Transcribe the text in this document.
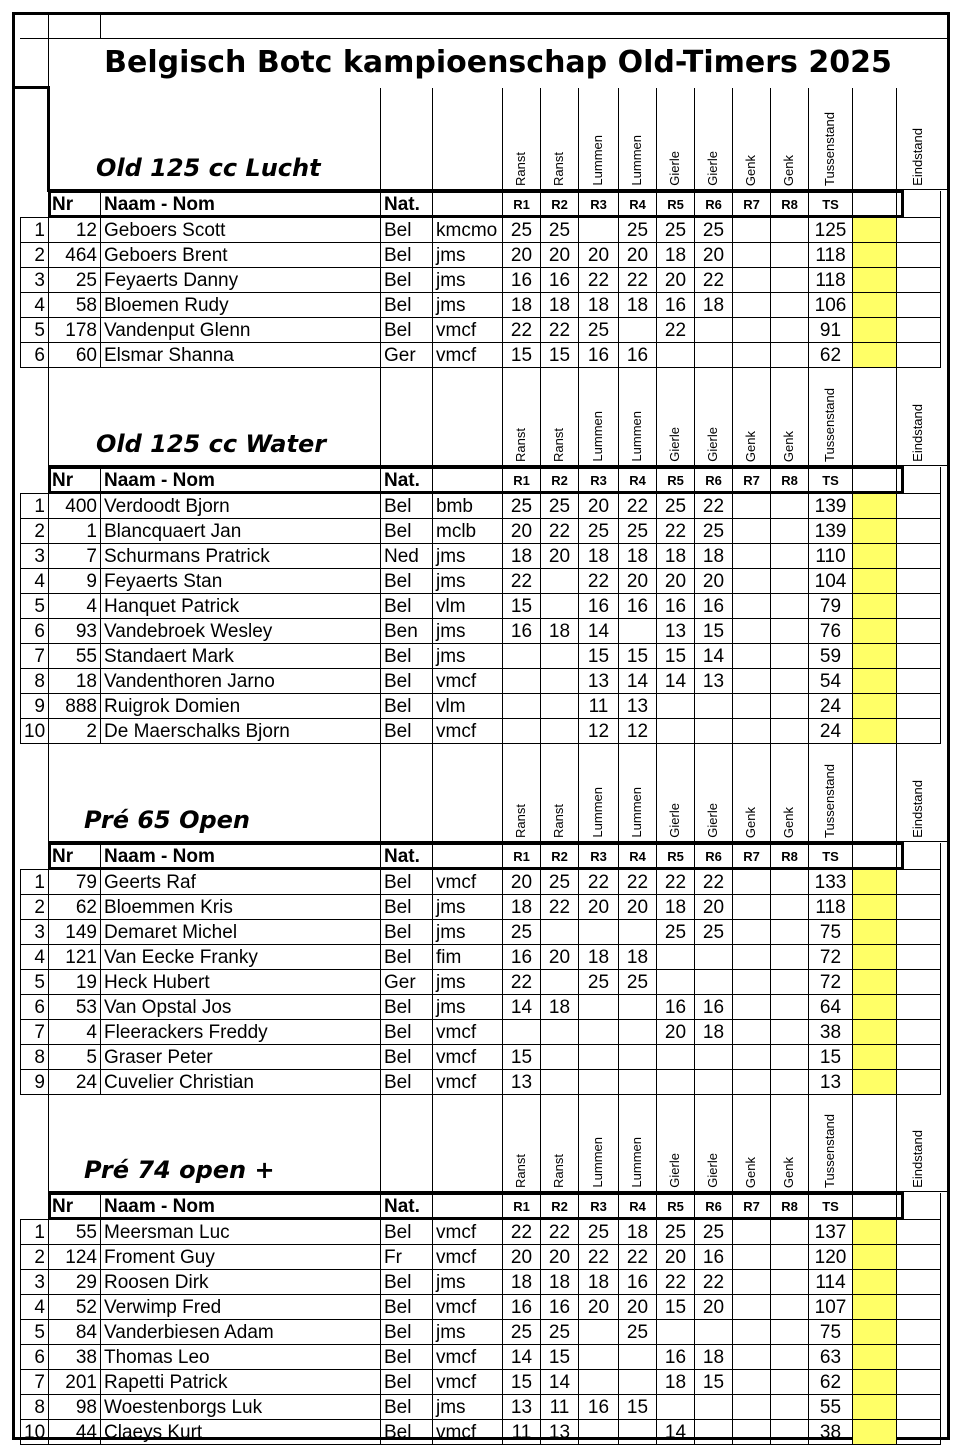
Belgisch Botc kampioenschap Old-Timers 2025
Old 125 cc Lucht	Ranst Ranst Lummen Lummen Gierle Gierle Genk Genk Tussenstand	Eindstand
	Nr	Naam - Nom	Nat.		R1	R2	R3	R4	R5	R6	R7	R8	TS		
1	12	Geboers Scott	Bel	kmcmo	25	25		25	25	25			125		
2	464	Geboers Brent	Bel	jms	20	20	20	20	18	20			118		
3	25	Feyaerts Danny	Bel	jms	16	16	22	22	20	22			118		
4	58	Bloemen Rudy	Bel	jms	18	18	18	18	16	18			106		
5	178	Vandenput Glenn	Bel	vmcf	22	22	25		22				91		
6	60	Elsmar Shanna	Ger	vmcf	15	15	16	16					62		
Old 125 cc Water	Ranst Ranst Lummen Lummen Gierle Gierle Genk Genk Tussenstand	Eindstand
	Nr	Naam - Nom	Nat.		R1	R2	R3	R4	R5	R6	R7	R8	TS		
1	400	Verdoodt Bjorn	Bel	bmb	25	25	20	22	25	22			139		
2	1	Blancquaert Jan	Bel	mclb	20	22	25	25	22	25			139		
3	7	Schurmans Pratrick	Ned	jms	18	20	18	18	18	18			110		
4	9	Feyaerts Stan	Bel	jms	22		22	20	20	20			104		
5	4	Hanquet Patrick	Bel	vlm	15		16	16	16	16			79		
6	93	Vandebroek Wesley	Ben	jms	16	18	14		13	15			76		
7	55	Standaert Mark	Bel	jms			15	15	15	14			59		
8	18	Vandenthoren Jarno	Bel	vmcf			13	14	14	13			54		
9	888	Ruigrok Domien	Bel	vlm			11	13					24		
10	2	De Maerschalks Bjorn	Bel	vmcf			12	12					24		
Pré 65 Open	Ranst Ranst Lummen Lummen Gierle Gierle Genk Genk Tussenstand	Eindstand
	Nr	Naam - Nom	Nat.		R1	R2	R3	R4	R5	R6	R7	R8	TS		
1	79	Geerts Raf	Bel	vmcf	20	25	22	22	22	22			133		
2	62	Bloemmen Kris	Bel	jms	18	22	20	20	18	20			118		
3	149	Demaret Michel	Bel	jms	25				25	25			75		
4	121	Van Eecke Franky	Bel	fim	16	20	18	18					72		
5	19	Heck Hubert	Ger	jms	22		25	25					72		
6	53	Van Opstal Jos	Bel	jms	14	18			16	16			64		
7	4	Fleerackers Freddy	Bel	vmcf					20	18			38		
8	5	Graser Peter	Bel	vmcf	15								15		
9	24	Cuvelier Christian	Bel	vmcf	13								13		
Pré 74 open +	Ranst Ranst Lummen Lummen Gierle Gierle Genk Genk Tussenstand	Eindstand
	Nr	Naam - Nom	Nat.		R1	R2	R3	R4	R5	R6	R7	R8	TS		
1	55	Meersman Luc	Bel	vmcf	22	22	25	18	25	25			137		
2	124	Froment Guy	Fr	vmcf	20	20	22	22	20	16			120		
3	29	Roosen Dirk	Bel	jms	18	18	18	16	22	22			114		
4	52	Verwimp Fred	Bel	vmcf	16	16	20	20	15	20			107		
5	84	Vanderbiesen Adam	Bel	jms	25	25		25					75		
6	38	Thomas Leo	Bel	vmcf	14	15			16	18			63		
7	201	Rapetti Patrick	Bel	vmcf	15	14			18	15			62		
8	98	Woestenborgs Luk	Bel	jms	13	11	16	15					55		
10	44	Claeys Kurt	Bel	vmcf	11	13			14				38		
